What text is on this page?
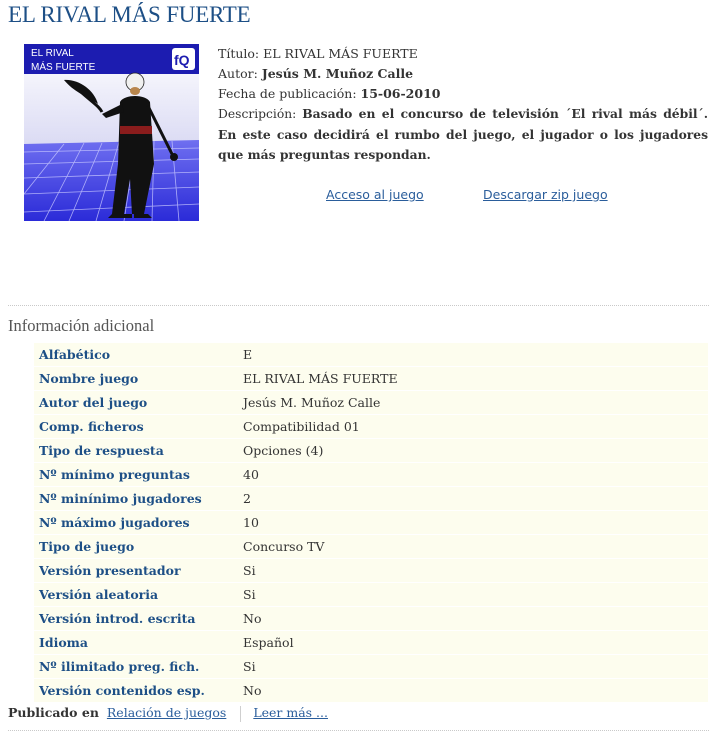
EL RIVAL MÁS FUERTE
EL RIVAL
MÁS FUERTE	fQ Título: EL RIVAL MÁS FUERTE
Autor: Jesús M. Muñoz Calle
Fecha de publicación: 15-06-2010
Descripción: Basado en el concurso de televisión ´El rival más débil´. En este caso decidirá el rumbo del juego, el jugador o los jugadores que más preguntas respondan.
Acceso al juego	Descargar zip juego
Información adicional
Alfabético	E
Nombre juego	EL RIVAL MÁS FUERTE
Autor del juego	Jesús M. Muñoz Calle
Comp. ficheros	Compatibilidad 01
Tipo de respuesta	Opciones (4)
Nº mínimo preguntas	40
Nº minínimo jugadores	2
Nº máximo jugadores	10
Tipo de juego	Concurso TV
Versión presentador	Si
Versión aleatoria	Si
Versión introd. escrita	No
Idioma	Español
Nº ilimitado preg. fich.	Si
Versión contenidos esp.	No
Publicado en Relación de juegos Leer más ...
